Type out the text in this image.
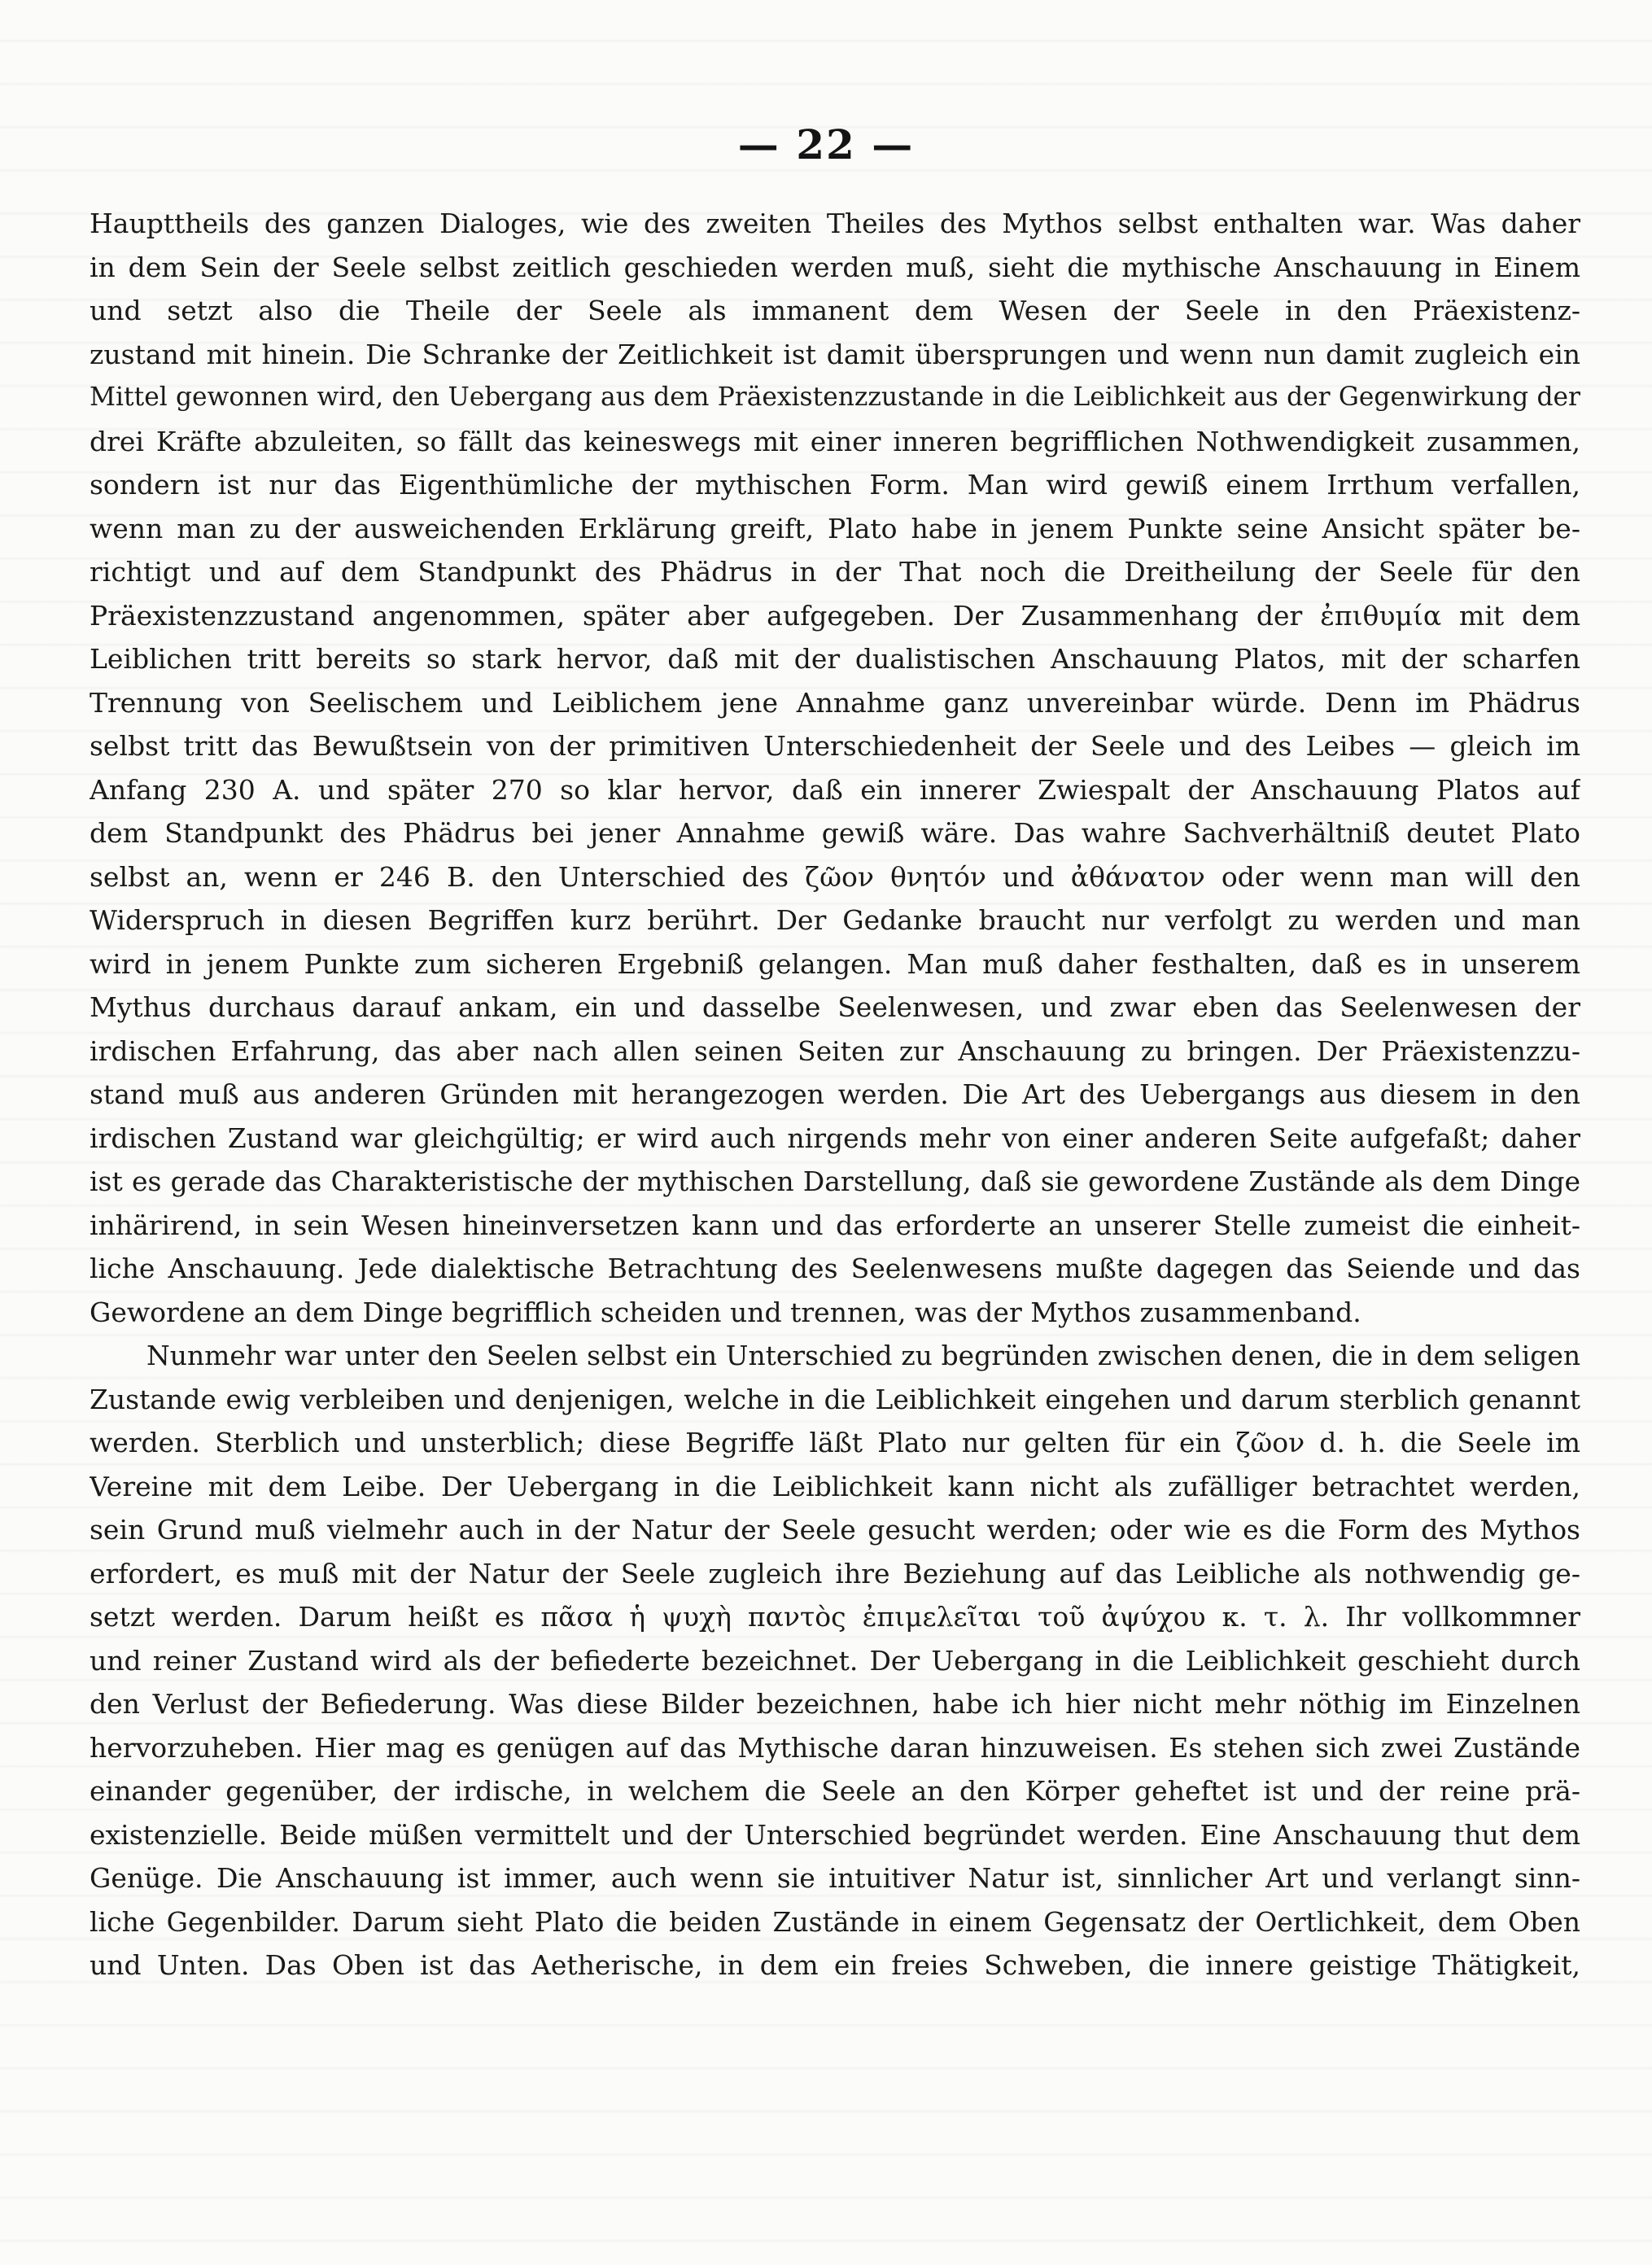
— 22 —
Haupttheils des ganzen Dialoges, wie des zweiten Theiles des Mythos selbst enthalten war. Was daher
in dem Sein der Seele selbst zeitlich geschieden werden muß, sieht die mythische Anschauung in Einem
und setzt also die Theile der Seele als immanent dem Wesen der Seele in den Präexistenz-
zustand mit hinein. Die Schranke der Zeitlichkeit ist damit übersprungen und wenn nun damit zugleich ein
Mittel gewonnen wird, den Uebergang aus dem Präexistenzzustande in die Leiblichkeit aus der Gegenwirkung der
drei Kräfte abzuleiten, so fällt das keineswegs mit einer inneren begrifflichen Nothwendigkeit zusammen,
sondern ist nur das Eigenthümliche der mythischen Form. Man wird gewiß einem Irrthum verfallen,
wenn man zu der ausweichenden Erklärung greift, Plato habe in jenem Punkte seine Ansicht später be-
richtigt und auf dem Standpunkt des Phädrus in der That noch die Dreitheilung der Seele für den
Präexistenzzustand angenommen, später aber aufgegeben. Der Zusammenhang der ἐπιθυμία mit dem
Leiblichen tritt bereits so stark hervor, daß mit der dualistischen Anschauung Platos, mit der scharfen
Trennung von Seelischem und Leiblichem jene Annahme ganz unvereinbar würde. Denn im Phädrus
selbst tritt das Bewußtsein von der primitiven Unterschiedenheit der Seele und des Leibes — gleich im
Anfang 230 A. und später 270 so klar hervor, daß ein innerer Zwiespalt der Anschauung Platos auf
dem Standpunkt des Phädrus bei jener Annahme gewiß wäre. Das wahre Sachverhältniß deutet Plato
selbst an, wenn er 246 B. den Unterschied des ζῶον θνητόν und ἀθάνατον oder wenn man will den
Widerspruch in diesen Begriffen kurz berührt. Der Gedanke braucht nur verfolgt zu werden und man
wird in jenem Punkte zum sicheren Ergebniß gelangen. Man muß daher festhalten, daß es in unserem
Mythus durchaus darauf ankam, ein und dasselbe Seelenwesen, und zwar eben das Seelenwesen der
irdischen Erfahrung, das aber nach allen seinen Seiten zur Anschauung zu bringen. Der Präexistenzzu-
stand muß aus anderen Gründen mit herangezogen werden. Die Art des Uebergangs aus diesem in den
irdischen Zustand war gleichgültig; er wird auch nirgends mehr von einer anderen Seite aufgefaßt; daher
ist es gerade das Charakteristische der mythischen Darstellung, daß sie gewordene Zustände als dem Dinge
inhärirend, in sein Wesen hineinversetzen kann und das erforderte an unserer Stelle zumeist die einheit-
liche Anschauung. Jede dialektische Betrachtung des Seelenwesens mußte dagegen das Seiende und das
Gewordene an dem Dinge begrifflich scheiden und trennen, was der Mythos zusammenband.
Nunmehr war unter den Seelen selbst ein Unterschied zu begründen zwischen denen, die in dem seligen
Zustande ewig verbleiben und denjenigen, welche in die Leiblichkeit eingehen und darum sterblich genannt
werden. Sterblich und unsterblich; diese Begriffe läßt Plato nur gelten für ein ζῶον d. h. die Seele im
Vereine mit dem Leibe. Der Uebergang in die Leiblichkeit kann nicht als zufälliger betrachtet werden,
sein Grund muß vielmehr auch in der Natur der Seele gesucht werden; oder wie es die Form des Mythos
erfordert, es muß mit der Natur der Seele zugleich ihre Beziehung auf das Leibliche als nothwendig ge-
setzt werden. Darum heißt es πᾶσα ἡ ψυχὴ παντὸς ἐπιμελεῖται τοῦ ἀψύχου κ. τ. λ. Ihr vollkommner
und reiner Zustand wird als der befiederte bezeichnet. Der Uebergang in die Leiblichkeit geschieht durch
den Verlust der Befiederung. Was diese Bilder bezeichnen, habe ich hier nicht mehr nöthig im Einzelnen
hervorzuheben. Hier mag es genügen auf das Mythische daran hinzuweisen. Es stehen sich zwei Zustände
einander gegenüber, der irdische, in welchem die Seele an den Körper geheftet ist und der reine prä-
existenzielle. Beide müßen vermittelt und der Unterschied begründet werden. Eine Anschauung thut dem
Genüge. Die Anschauung ist immer, auch wenn sie intuitiver Natur ist, sinnlicher Art und verlangt sinn-
liche Gegenbilder. Darum sieht Plato die beiden Zustände in einem Gegensatz der Oertlichkeit, dem Oben
und Unten. Das Oben ist das Aetherische, in dem ein freies Schweben, die innere geistige Thätigkeit,
